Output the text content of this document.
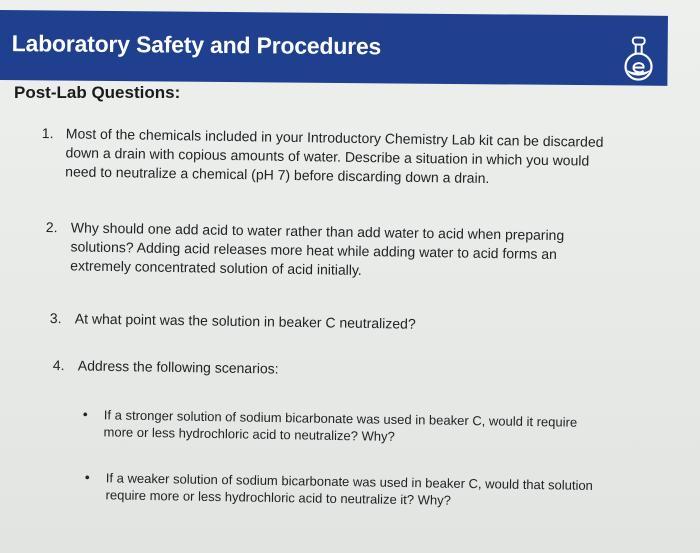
Laboratory Safety and Procedures
Post-Lab Questions:
1. Most of the chemicals included in your Introductory Chemistry Lab kit can be discarded
down a drain with copious amounts of water. Describe a situation in which you would
need to neutralize a chemical (pH 7) before discarding down a drain.
2. Why should one add acid to water rather than add water to acid when preparing
solutions? Adding acid releases more heat while adding water to acid forms an
extremely concentrated solution of acid initially.
3. At what point was the solution in beaker C neutralized?
4. Address the following scenarios:
• If a stronger solution of sodium bicarbonate was used in beaker C, would it require
more or less hydrochloric acid to neutralize? Why?
• If a weaker solution of sodium bicarbonate was used in beaker C, would that solution
require more or less hydrochloric acid to neutralize it? Why?
